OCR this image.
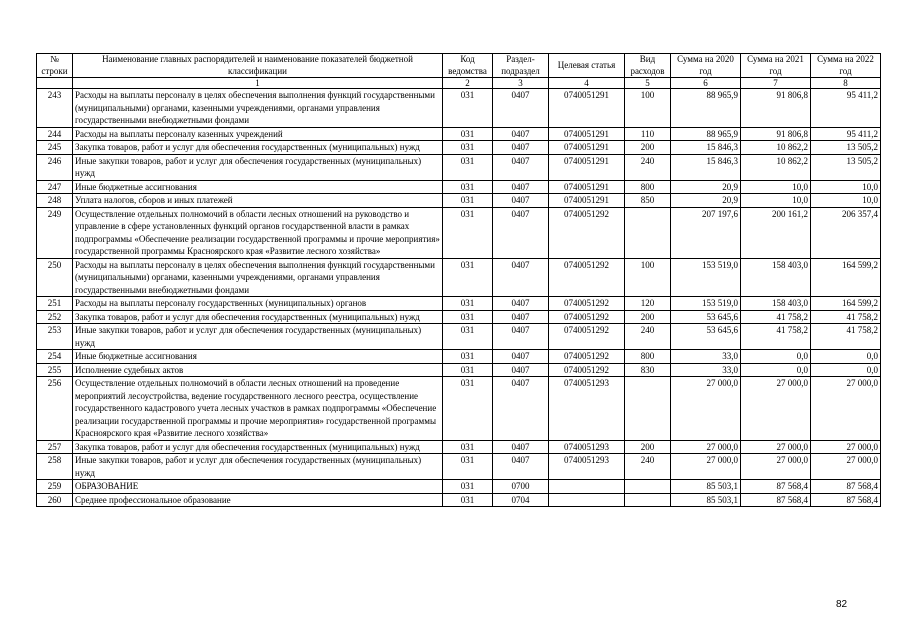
№ строки	Наименование главных распорядителей и наименование показателей бюджетной классификации	Код ведомства	Раздел-подраздел	Целевая статья	Вид расходов	Сумма на 2020 год	Сумма на 2021 год	Сумма на 2022 год
	1	2	3	4	5	6	7	8
243	Расходы на выплаты персоналу в целях обеспечения выполнения функций государственными (муниципальными) органами, казенными учреждениями, органами управления государственными внебюджетными фондами	031	0407	0740051291	100	88 965,9	91 806,8	95 411,2
244	Расходы на выплаты персоналу казенных учреждений	031	0407	0740051291	110	88 965,9	91 806,8	95 411,2
245	Закупка товаров, работ и услуг для обеспечения государственных (муниципальных) нужд	031	0407	0740051291	200	15 846,3	10 862,2	13 505,2
246	Иные закупки товаров, работ и услуг для обеспечения государственных (муниципальных) нужд	031	0407	0740051291	240	15 846,3	10 862,2	13 505,2
247	Иные бюджетные ассигнования	031	0407	0740051291	800	20,9	10,0	10,0
248	Уплата налогов, сборов и иных платежей	031	0407	0740051291	850	20,9	10,0	10,0
249	Осуществление отдельных полномочий в области лесных отношений на руководство и управление в сфере установленных функций органов государственной власти в рамках подпрограммы «Обеспечение реализации государственной программы и прочие мероприятия» государственной программы Красноярского края «Развитие лесного хозяйства»	031	0407	0740051292		207 197,6	200 161,2	206 357,4
250	Расходы на выплаты персоналу в целях обеспечения выполнения функций государственными (муниципальными) органами, казенными учреждениями, органами управления государственными внебюджетными фондами	031	0407	0740051292	100	153 519,0	158 403,0	164 599,2
251	Расходы на выплаты персоналу государственных (муниципальных) органов	031	0407	0740051292	120	153 519,0	158 403,0	164 599,2
252	Закупка товаров, работ и услуг для обеспечения государственных (муниципальных) нужд	031	0407	0740051292	200	53 645,6	41 758,2	41 758,2
253	Иные закупки товаров, работ и услуг для обеспечения государственных (муниципальных) нужд	031	0407	0740051292	240	53 645,6	41 758,2	41 758,2
254	Иные бюджетные ассигнования	031	0407	0740051292	800	33,0	0,0	0,0
255	Исполнение судебных актов	031	0407	0740051292	830	33,0	0,0	0,0
256	Осуществление отдельных полномочий в области лесных отношений на проведение мероприятий лесоустройства, ведение государственного лесного реестра, осуществление государственного кадастрового учета лесных участков в рамках подпрограммы «Обеспечение реализации государственной программы и прочие мероприятия» государственной программы Красноярского края «Развитие лесного хозяйства»	031	0407	0740051293		27 000,0	27 000,0	27 000,0
257	Закупка товаров, работ и услуг для обеспечения государственных (муниципальных) нужд	031	0407	0740051293	200	27 000,0	27 000,0	27 000,0
258	Иные закупки товаров, работ и услуг для обеспечения государственных (муниципальных) нужд	031	0407	0740051293	240	27 000,0	27 000,0	27 000,0
259	ОБРАЗОВАНИЕ	031	0700			85 503,1	87 568,4	87 568,4
260	Среднее профессиональное образование	031	0704			85 503,1	87 568,4	87 568,4
82
